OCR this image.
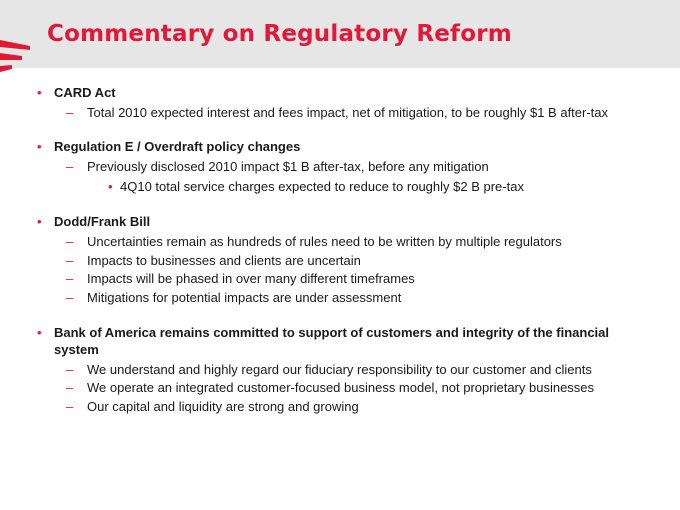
Commentary on Regulatory Reform
• CARD Act
– Total 2010 expected interest and fees impact, net of mitigation, to be roughly $1 B after-tax
• Regulation E / Overdraft policy changes
– Previously disclosed 2010 impact $1 B after-tax, before any mitigation
• 4Q10 total service charges expected to reduce to roughly $2 B pre-tax
• Dodd/Frank Bill
– Uncertainties remain as hundreds of rules need to be written by multiple regulators
– Impacts to businesses and clients are uncertain
– Impacts will be phased in over many different timeframes
– Mitigations for potential impacts are under assessment
• Bank of America remains committed to support of customers and integrity of the financial
system
– We understand and highly regard our fiduciary responsibility to our customer and clients
– We operate an integrated customer-focused business model, not proprietary businesses
– Our capital and liquidity are strong and growing
